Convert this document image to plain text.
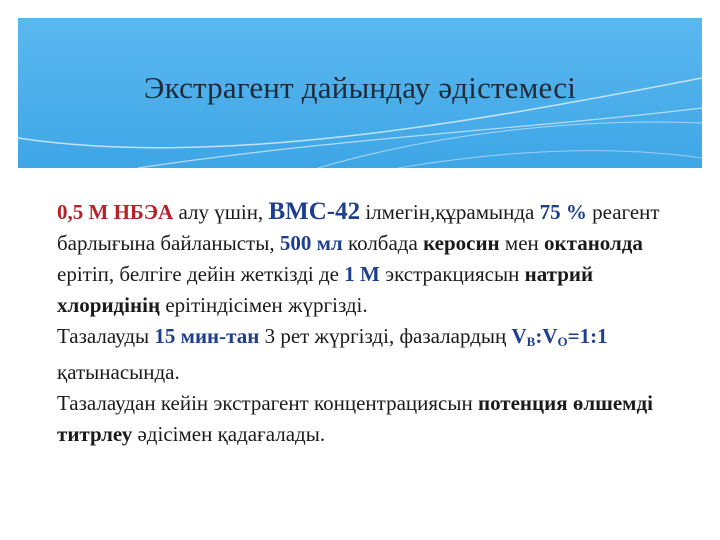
Экстрагент дайындау әдістемесі

0,5 М НБЭА алу үшін, ВМС-42 ілмегін,құрамында 75 % реагент барлығына байланысты, 500 мл колбада керосин мен октанолда ерітіп, белгіге дейін жеткізді де 1 М экстракциясын натрий хлоридінің ерітіндісімен жүргізді.

Тазалауды 15 мин-тан 3 рет жүргізді, фазалардың $V_В:V_О=1:1$ қатынасында.

Тазалаудан кейін экстрагент концентрациясын потенция өлшемді титрлеу әдісімен қадағалады.
